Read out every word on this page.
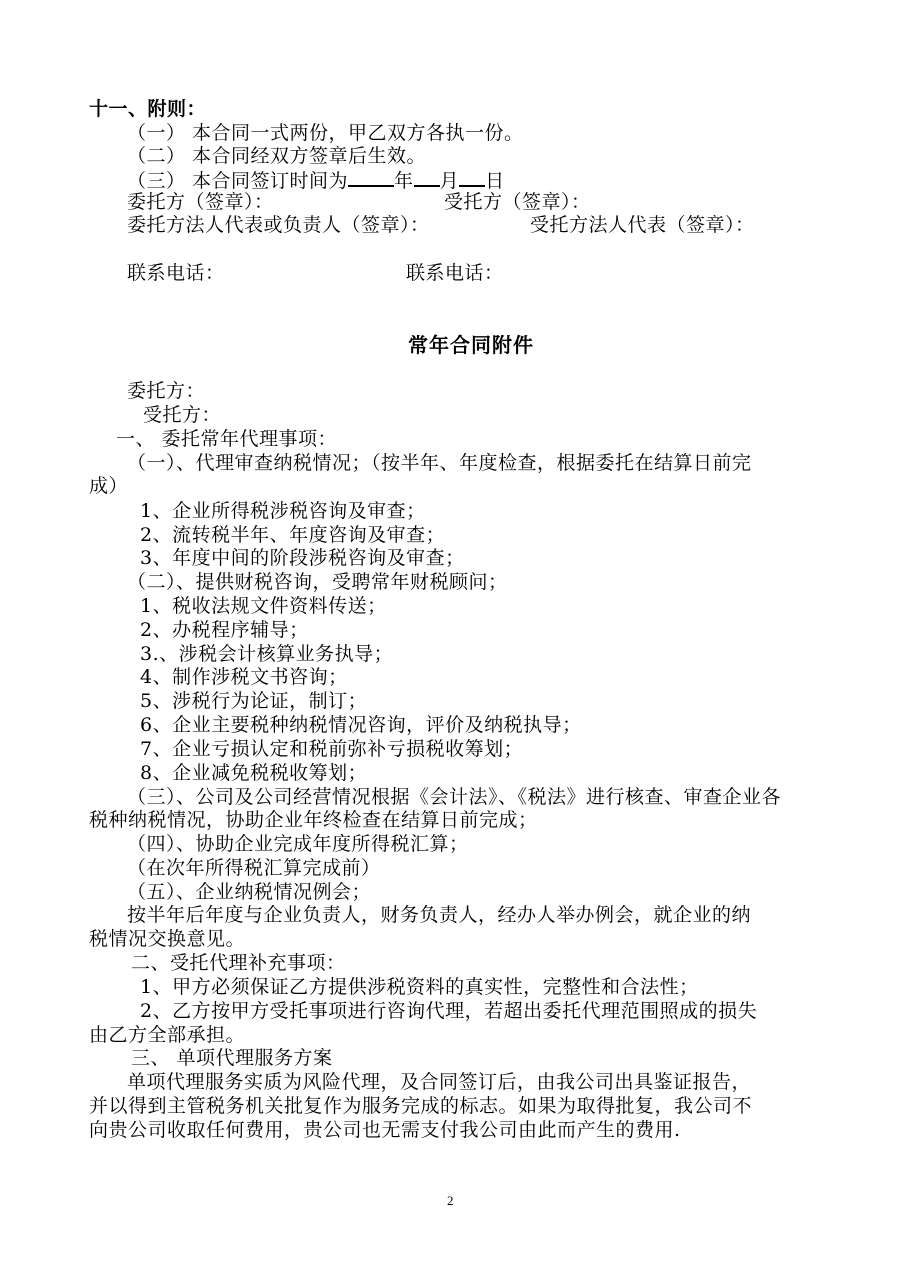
十一、附则：
（一） 本合同一式两份，甲乙双方各执一份。
（二） 本合同经双方签章后生效。
（三） 本合同签订时间为 年 月 日
委托方（签章）：	受托方（签章）：
委托方法人代表或负责人（签章）：	受托方法人代表（签章）：
联系电话：	联系电话：
常年合同附件
委托方：
受托方：
一、 委托常年代理事项：
（一）、代理审查纳税情况；（按半年、年度检查，根据委托在结算日前完
成）
1、企业所得税涉税咨询及审查；
2、流转税半年、年度咨询及审查；
3、年度中间的阶段涉税咨询及审查；
（二）、提供财税咨询，受聘常年财税顾问；
1、税收法规文件资料传送；
2、办税程序辅导；
3.、涉税会计核算业务执导；
4、制作涉税文书咨询；
5、涉税行为论证，制订；
6、企业主要税种纳税情况咨询，评价及纳税执导；
7、企业亏损认定和税前弥补亏损税收筹划；
8、企业减免税税收筹划；
（三）、公司及公司经营情况根据《会计法》、《税法》进行核查、审查企业各
税种纳税情况，协助企业年终检查在结算日前完成；
（四）、协助企业完成年度所得税汇算；
（在次年所得税汇算完成前）
（五）、企业纳税情况例会；
按半年后年度与企业负责人，财务负责人，经办人举办例会，就企业的纳
税情况交换意见。
二、受托代理补充事项：
1、甲方必须保证乙方提供涉税资料的真实性，完整性和合法性；
2、乙方按甲方受托事项进行咨询代理，若超出委托代理范围照成的损失
由乙方全部承担。
三、 单项代理服务方案
单项代理服务实质为风险代理，及合同签订后，由我公司出具鉴证报告，
并以得到主管税务机关批复作为服务完成的标志。如果为取得批复，我公司不
向贵公司收取任何费用，贵公司也无需支付我公司由此而产生的费用.
2
